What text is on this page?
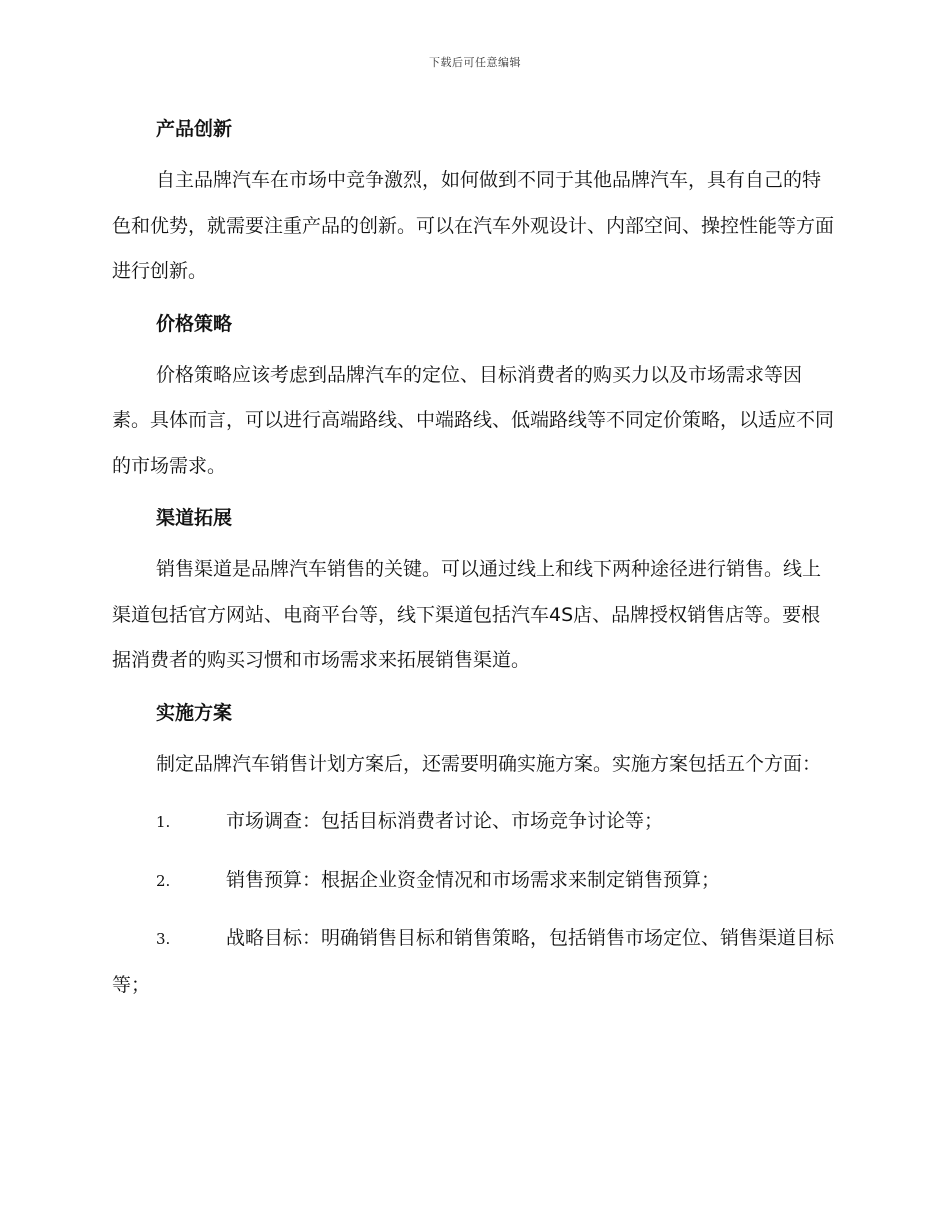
下载后可任意编辑
产品创新
自主品牌汽车在市场中竞争激烈，如何做到不同于其他品牌汽车，具有自己的特色和优势，就需要注重产品的创新。可以在汽车外观设计、内部空间、操控性能等方面进行创新。
价格策略
价格策略应该考虑到品牌汽车的定位、目标消费者的购买力以及市场需求等因素。具体而言，可以进行高端路线、中端路线、低端路线等不同定价策略，以适应不同的市场需求。
渠道拓展
销售渠道是品牌汽车销售的关键。可以通过线上和线下两种途径进行销售。线上渠道包括官方网站、电商平台等，线下渠道包括汽车4S店、品牌授权销售店等。要根据消费者的购买习惯和市场需求来拓展销售渠道。
实施方案
制定品牌汽车销售计划方案后，还需要明确实施方案。实施方案包括五个方面：
1.	市场调查：包括目标消费者讨论、市场竞争讨论等；
2.	销售预算：根据企业资金情况和市场需求来制定销售预算；
3.	战略目标：明确销售目标和销售策略，包括销售市场定位、销售渠道目标等；
